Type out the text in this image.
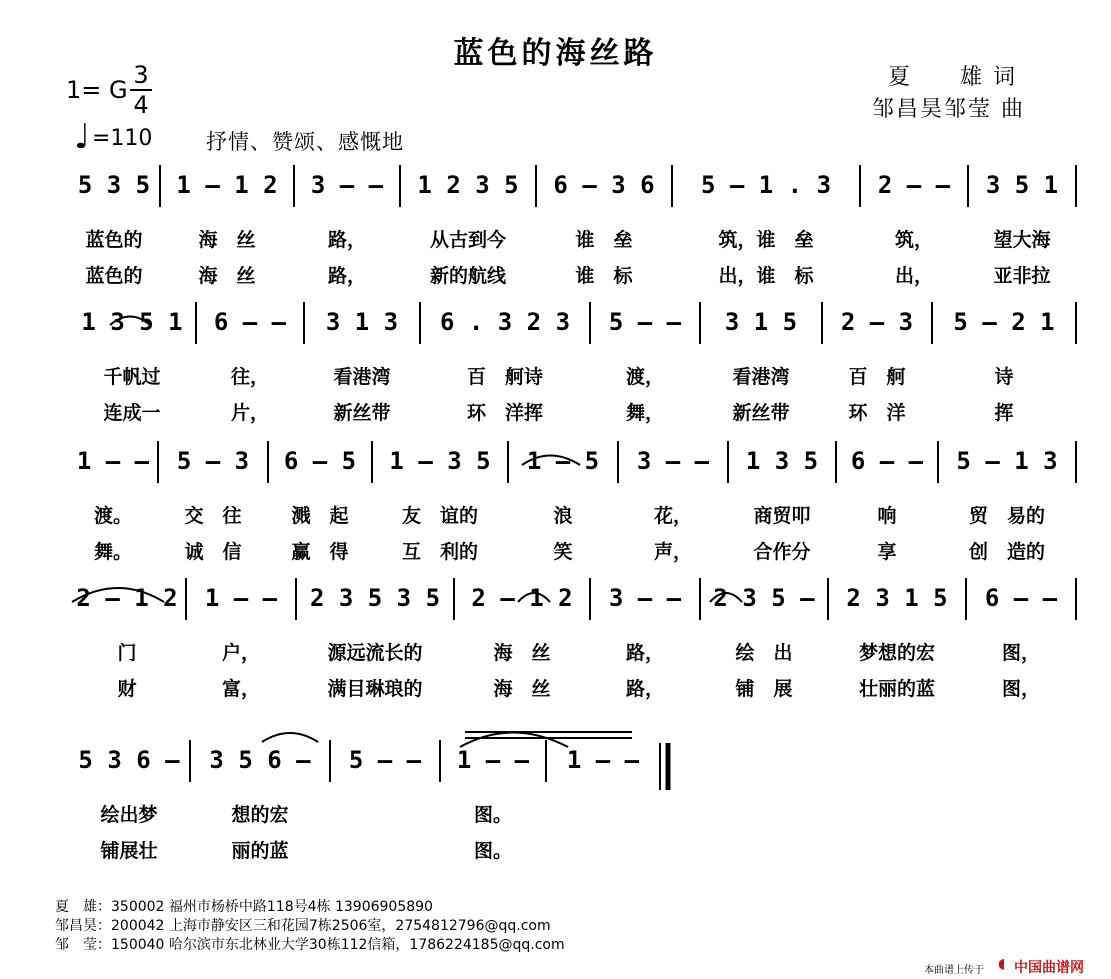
蓝色的海丝路
夏　　雄 词
邹昌昊邹莹 曲
1= G
3
4
♩ =110	抒情、赞颂、感慨地
5 3 5
蓝色的
蓝色的
1 – 1 2
海　丝
海　丝
3 – –
路，
路，
1 2 3 5
从古到今
新的航线
6 – 3 6
谁　垒
谁　标
5 – 1 . 3
筑，谁　垒
出，谁　标
2 – –
筑，
出，
3 5 1
望大海
亚非拉
1 3 5 1
千帆过
连成一
6 – –
往，
片，
3 1 3
看港湾
新丝带
6 . 3 2 3
百　舸诗
环　洋挥
5 – –
渡，
舞，
3 1 5
看港湾
新丝带
2 – 3
百　舸
环　洋
5 – 2 1
诗
挥
1 – –
渡。
舞。
5 – 3
交　往
诚　信
6 – 5
溅　起
赢　得
1 – 3 5
友　谊的
互　利的
1 – 5
浪
笑
3 – –
花，
声，
1 3 5
商贸叩
合作分
6 – –
响
享
5 – 1 3
贸　易的
创　造的
2 – 1 2
门
财
1 – –
户，
富，
2 3 5 3 5
源远流长的
满目琳琅的
2 – 1 2
海　丝
海　丝
3 – –
路，
路，
2 3 5 –
绘　出
铺　展
2 3 1 5
梦想的宏
壮丽的蓝
6 – –
图，
图，
5 3 6 –
绘出梦
铺展壮
3 5 6 –
想的宏
丽的蓝
5 – –	1 – –
图。
图。
1 – –
夏　雄：350002 福州市杨桥中路118号4栋 13906905890
邹昌昊：200042 上海市静安区三和花园7栋2506室，2754812796@qq.com
邹　莹：150040 哈尔滨市东北林业大学30栋112信箱，1786224185@qq.com
本曲谱上传于 ◖ 中国曲谱网
